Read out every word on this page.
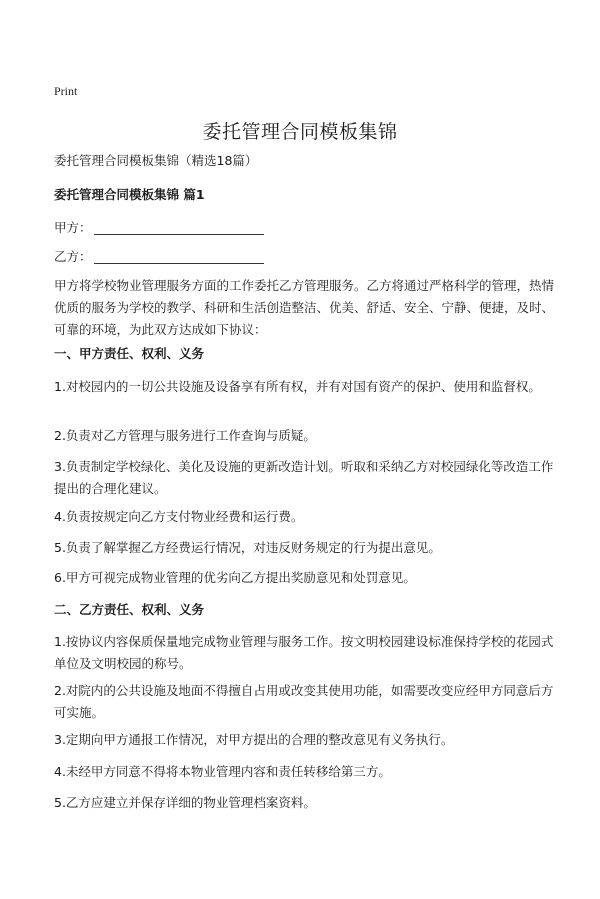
Print
委托管理合同模板集锦

委托管理合同模板集锦（精选18篇）

委托管理合同模板集锦 篇1

甲方：

乙方：

甲方将学校物业管理服务方面的工作委托乙方管理服务。乙方将通过严格科学的管理，热情优质的服务为学校的教学、科研和生活创造整洁、优美、舒适、安全、宁静、便捷，及时、可靠的环境，为此双方达成如下协议：

一、甲方责任、权利、义务

1.对校园内的一切公共设施及设备享有所有权，并有对国有资产的保护、使用和监督权。

2.负责对乙方管理与服务进行工作查询与质疑。

3.负责制定学校绿化、美化及设施的更新改造计划。听取和采纳乙方对校园绿化等改造工作提出的合理化建议。

4.负责按规定向乙方支付物业经费和运行费。

5.负责了解掌握乙方经费运行情况，对违反财务规定的行为提出意见。

6.甲方可视完成物业管理的优劣向乙方提出奖励意见和处罚意见。

二、乙方责任、权利、义务

1.按协议内容保质保量地完成物业管理与服务工作。按文明校园建设标准保持学校的花园式单位及文明校园的称号。

2.对院内的公共设施及地面不得擅自占用或改变其使用功能，如需要改变应经甲方同意后方可实施。

3.定期向甲方通报工作情况，对甲方提出的合理的整改意见有义务执行。

4.未经甲方同意不得将本物业管理内容和责任转移给第三方。

5.乙方应建立并保存详细的物业管理档案资料。
